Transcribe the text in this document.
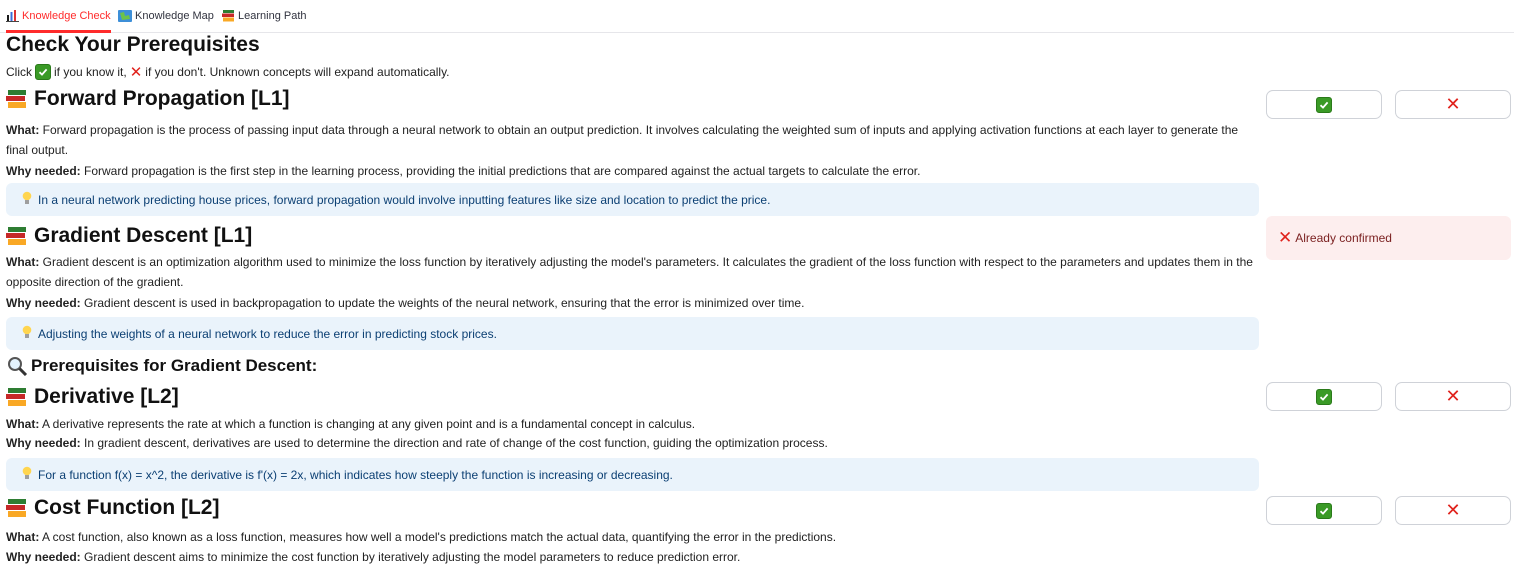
Knowledge Check Knowledge Map Learning Path
Check Your Prerequisites
Click if you know it, ✕ if you don't. Unknown concepts will expand automatically.
Forward Propagation [L1]
What: Forward propagation is the process of passing input data through a neural network to obtain an output prediction. It involves calculating the weighted sum of inputs and applying activation functions at each layer to generate the final output.
Why needed: Forward propagation is the first step in the learning process, providing the initial predictions that are compared against the actual targets to calculate the error.
In a neural network predicting house prices, forward propagation would involve inputting features like size and location to predict the price.
✕
Gradient Descent [L1]
What: Gradient descent is an optimization algorithm used to minimize the loss function by iteratively adjusting the model's parameters. It calculates the gradient of the loss function with respect to the parameters and updates them in the opposite direction of the gradient.
Why needed: Gradient descent is used in backpropagation to update the weights of the neural network, ensuring that the error is minimized over time.
Adjusting the weights of a neural network to reduce the error in predicting stock prices.
✕ Already confirmed
Prerequisites for Gradient Descent:
Derivative [L2]
What: A derivative represents the rate at which a function is changing at any given point and is a fundamental concept in calculus.
Why needed: In gradient descent, derivatives are used to determine the direction and rate of change of the cost function, guiding the optimization process.
For a function f(x) = x^2, the derivative is f'(x) = 2x, which indicates how steeply the function is increasing or decreasing.
✕
Cost Function [L2]
What: A cost function, also known as a loss function, measures how well a model's predictions match the actual data, quantifying the error in the predictions.
Why needed: Gradient descent aims to minimize the cost function by iteratively adjusting the model parameters to reduce prediction error.
✕
